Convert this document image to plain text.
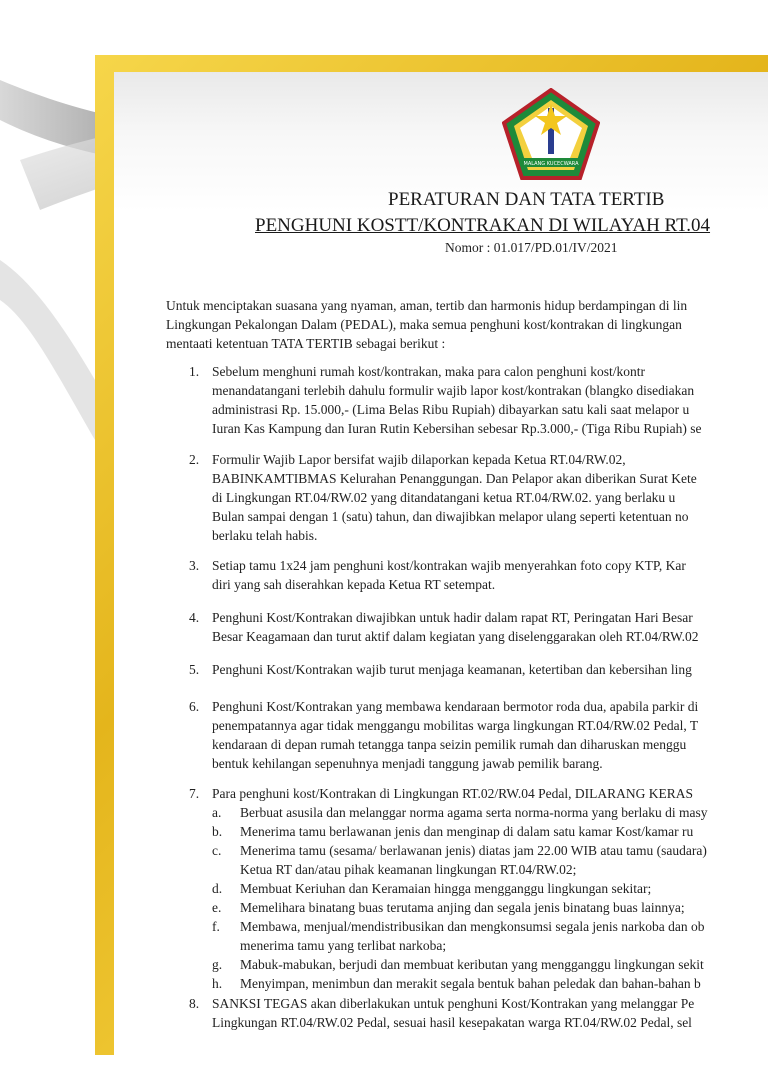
MALANG KUCECWARA
PERATURAN DAN TATA TERTIB
PENGHUNI KOSTT/KONTRAKAN DI WILAYAH RT.04
Nomor : 01.017/PD.01/IV/2021
Untuk menciptakan suasana yang nyaman, aman, tertib dan harmonis hidup berdampingan di lin
Lingkungan Pekalongan Dalam (PEDAL), maka semua penghuni kost/kontrakan di lingkungan
mentaati ketentuan TATA TERTIB sebagai berikut :
1. Sebelum menghuni rumah kost/kontrakan, maka para calon penghuni kost/kontr
menandatangani terlebih dahulu formulir wajib lapor kost/kontrakan (blangko disediakan
administrasi Rp. 15.000,- (Lima Belas Ribu Rupiah) dibayarkan satu kali saat melapor u
Iuran Kas Kampung dan Iuran Rutin Kebersihan sebesar Rp.3.000,- (Tiga Ribu Rupiah) se
2. Formulir Wajib Lapor bersifat wajib dilaporkan kepada Ketua RT.04/RW.02,
BABINKAMTIBMAS Kelurahan Penanggungan. Dan Pelapor akan diberikan Surat Kete
di Lingkungan RT.04/RW.02 yang ditandatangani ketua RT.04/RW.02. yang berlaku u
Bulan sampai dengan 1 (satu) tahun, dan diwajibkan melapor ulang seperti ketentuan no
berlaku telah habis.
3. Setiap tamu 1x24 jam penghuni kost/kontrakan wajib menyerahkan foto copy KTP, Kar
diri yang sah diserahkan kepada Ketua RT setempat.
4. Penghuni Kost/Kontrakan diwajibkan untuk hadir dalam rapat RT, Peringatan Hari Besar
Besar Keagamaan dan turut aktif dalam kegiatan yang diselenggarakan oleh RT.04/RW.02
5. Penghuni Kost/Kontrakan wajib turut menjaga keamanan, ketertiban dan kebersihan ling
6. Penghuni Kost/Kontrakan yang membawa kendaraan bermotor roda dua, apabila parkir di
penempatannya agar tidak menggangu mobilitas warga lingkungan RT.04/RW.02 Pedal, T
kendaraan di depan rumah tetangga tanpa seizin pemilik rumah dan diharuskan menggu
bentuk kehilangan sepenuhnya menjadi tanggung jawab pemilik barang.
7. Para penghuni kost/Kontrakan di Lingkungan RT.02/RW.04 Pedal, DILARANG KERAS
a. Berbuat asusila dan melanggar norma agama serta norma-norma yang berlaku di masy
b. Menerima tamu berlawanan jenis dan menginap di dalam satu kamar Kost/kamar ru
c. Menerima tamu (sesama/ berlawanan jenis) diatas jam 22.00 WIB atau tamu (saudara)
Ketua RT dan/atau pihak keamanan lingkungan RT.04/RW.02;
d. Membuat Keriuhan dan Keramaian hingga mengganggu lingkungan sekitar;
e. Memelihara binatang buas terutama anjing dan segala jenis binatang buas lainnya;
f. Membawa, menjual/mendistribusikan dan mengkonsumsi segala jenis narkoba dan ob
menerima tamu yang terlibat narkoba;
g. Mabuk-mabukan, berjudi dan membuat keributan yang mengganggu lingkungan sekit
h. Menyimpan, menimbun dan merakit segala bentuk bahan peledak dan bahan-bahan b
8. SANKSI TEGAS akan diberlakukan untuk penghuni Kost/Kontrakan yang melanggar Pe
Lingkungan RT.04/RW.02 Pedal, sesuai hasil kesepakatan warga RT.04/RW.02 Pedal, sel
